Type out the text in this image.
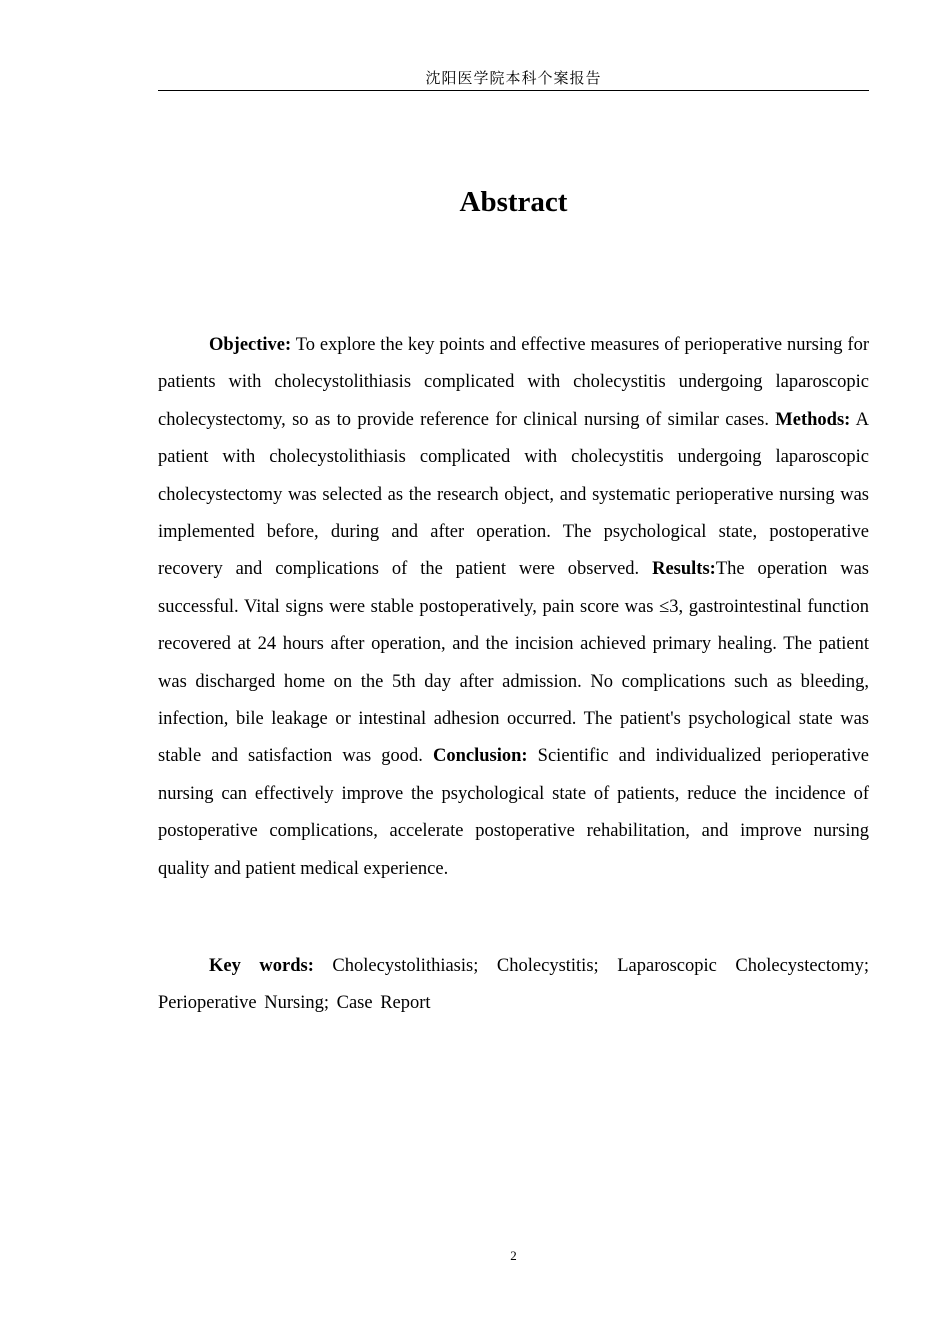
沈阳医学院本科个案报告
Abstract

Objective: To explore the key points and effective measures of perioperative nursing for patients with cholecystolithiasis complicated with cholecystitis undergoing laparoscopic cholecystectomy, so as to provide reference for clinical nursing of similar cases. Methods: A patient with cholecystolithiasis complicated with cholecystitis undergoing laparoscopic cholecystectomy was selected as the research object, and systematic perioperative nursing was implemented before, during and after operation. The psychological state, postoperative recovery and complications of the patient were observed. Results:The operation was successful. Vital signs were stable postoperatively, pain score was ≤3, gastrointestinal function recovered at 24 hours after operation, and the incision achieved primary healing. The patient was discharged home on the 5th day after admission. No complications such as bleeding, infection, bile leakage or intestinal adhesion occurred. The patient's psychological state was stable and satisfaction was good. Conclusion: Scientific and individualized perioperative nursing can effectively improve the psychological state of patients, reduce the incidence of postoperative complications, accelerate postoperative rehabilitation, and improve nursing quality and patient medical experience.

Key words: Cholecystolithiasis; Cholecystitis; Laparoscopic Cholecystectomy; Perioperative Nursing; Case Report

2
